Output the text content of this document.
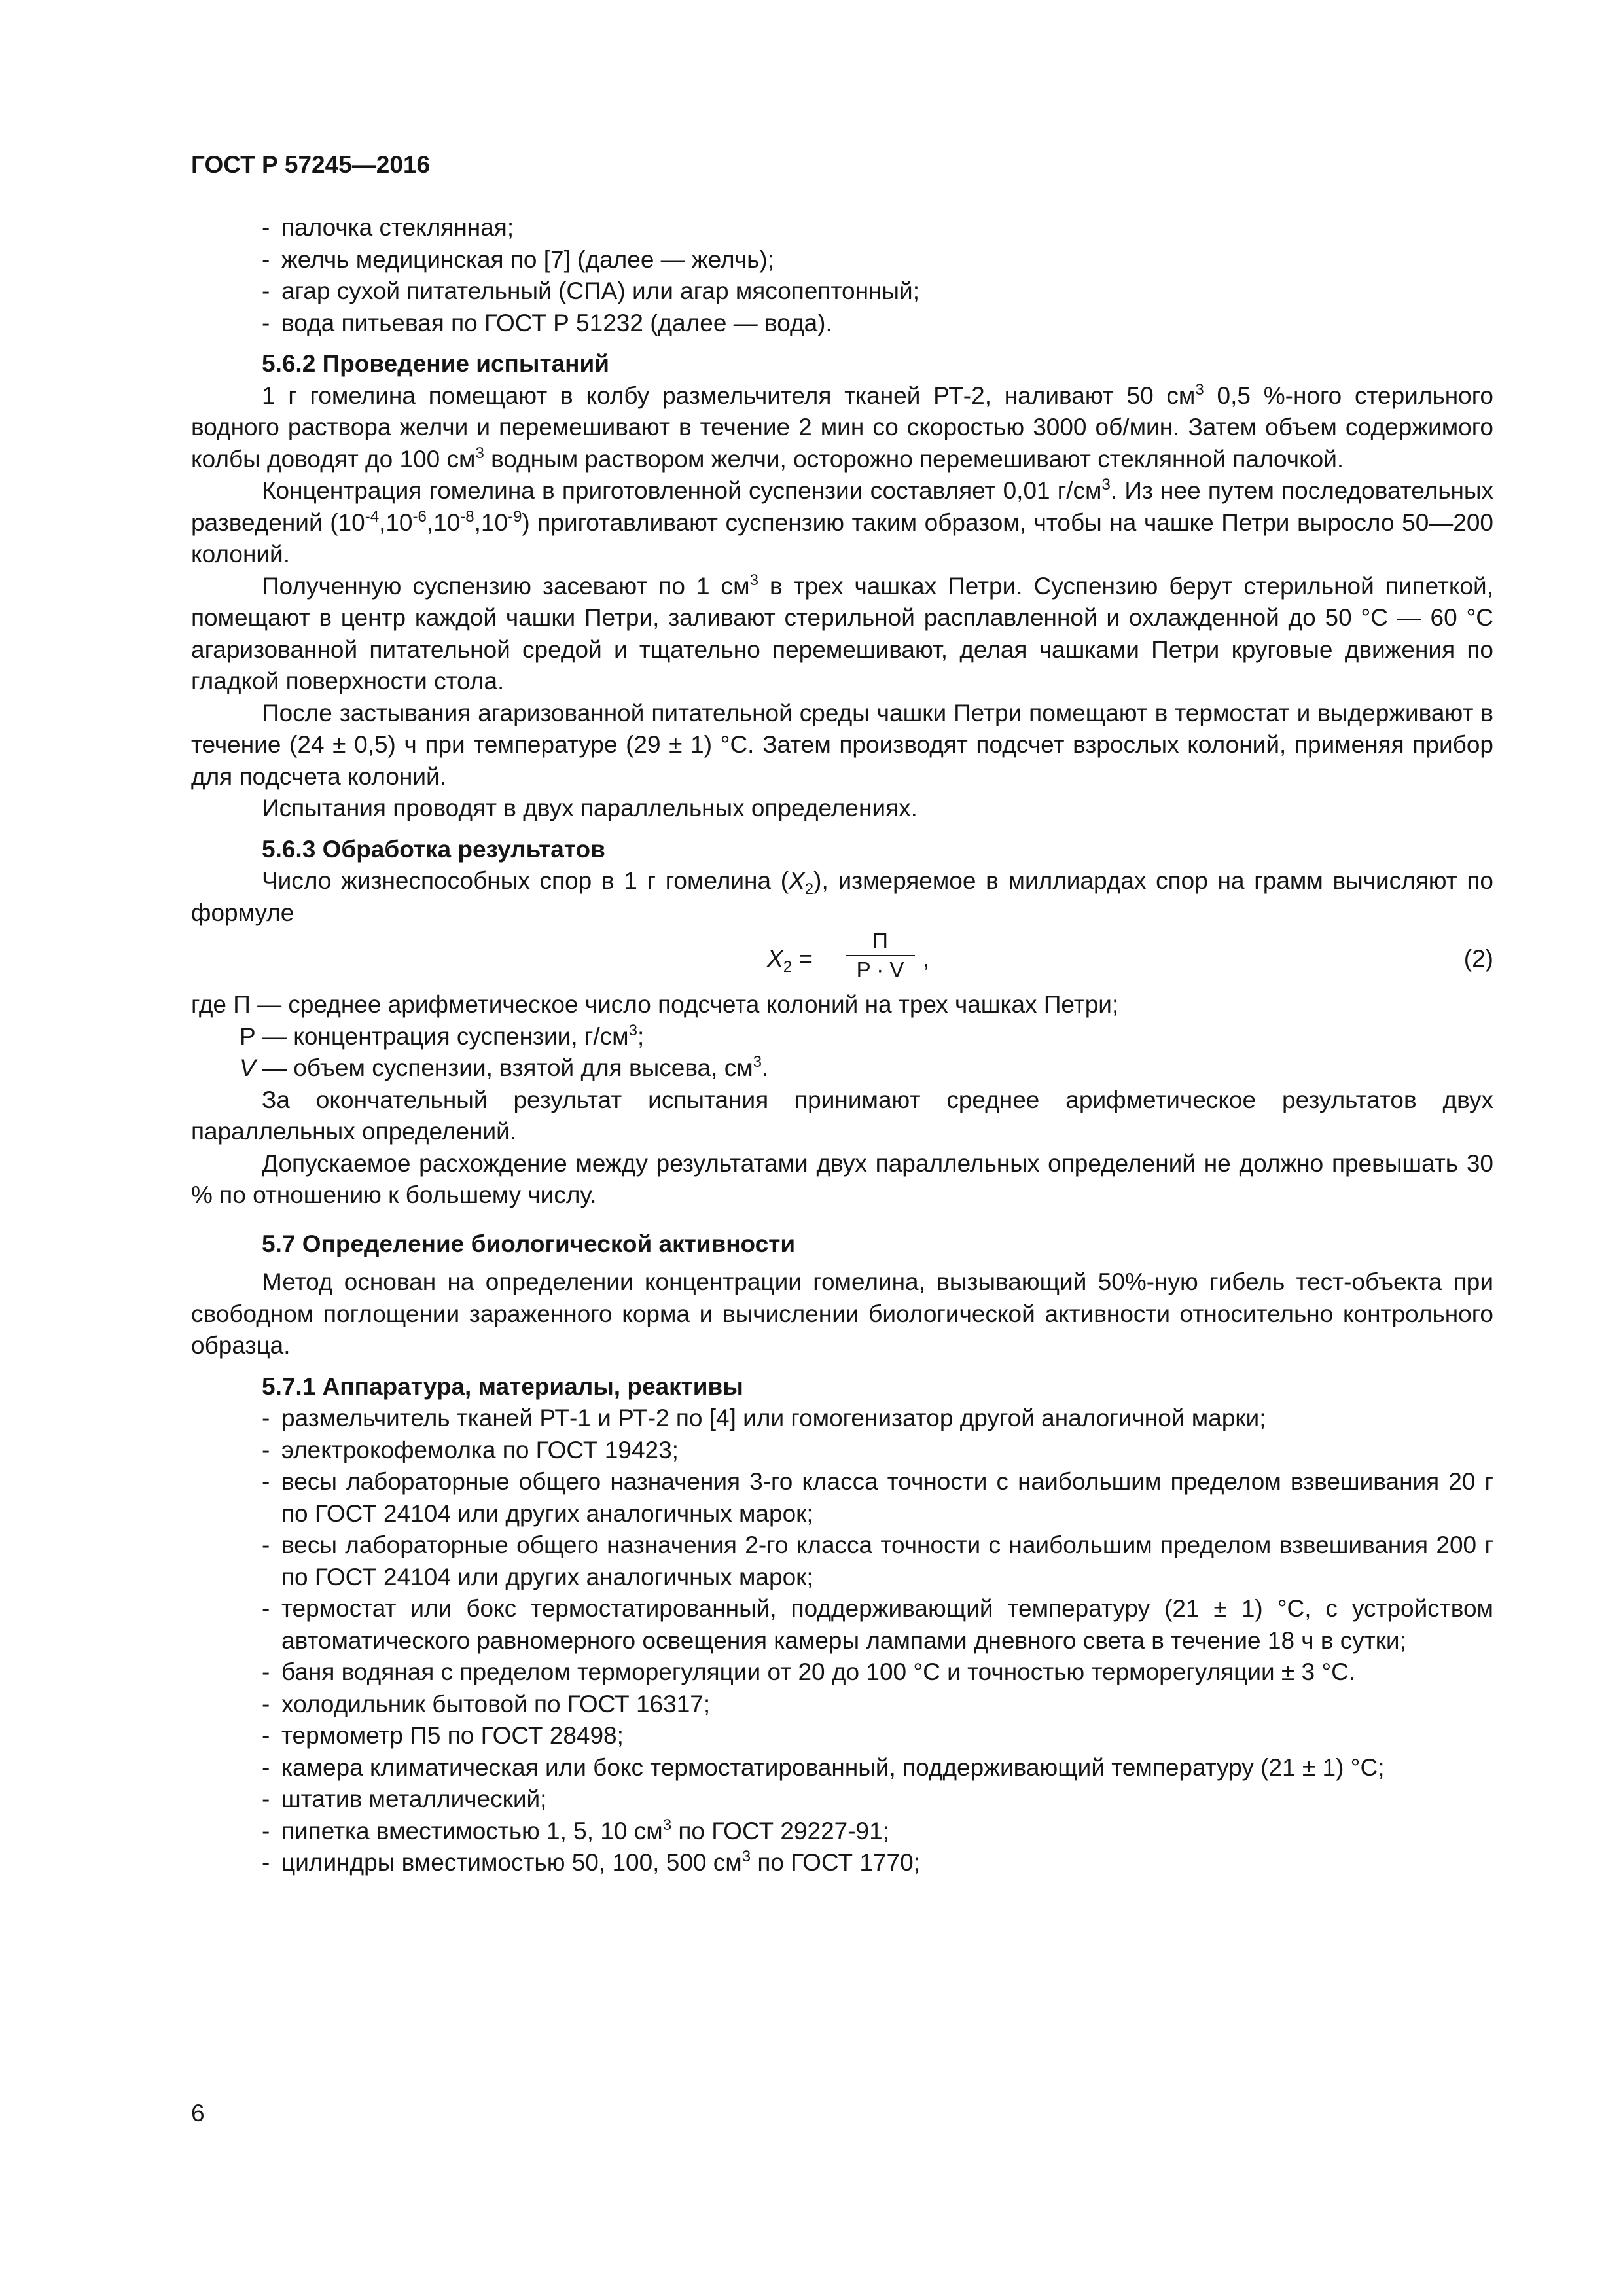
ГОСТ Р 57245—2016
- палочка стеклянная;
- желчь медицинская по [7] (далее — желчь);
- агар сухой питательный (СПА) или агар мясопептонный;
- вода питьевая по ГОСТ Р 51232 (далее — вода).
5.6.2 Проведение испытаний

1 г гомелина помещают в колбу размельчителя тканей РТ-2, наливают 50 $см^3$ 0,5 %-ного стерильного водного раствора желчи и перемешивают в течение 2 мин со скоростью 3000 об/мин. Затем объем содержимого колбы доводят до 100 $см^3$ водным раствором желчи, осторожно перемешивают стеклянной палочкой.

Концентрация гомелина в приготовленной суспензии составляет 0,01 $г/см^3$. Из нее путем последовательных разведений $(10^{-4},10^{-6},10^{-8},10^{-9})$ приготавливают суспензию таким образом, чтобы на чашке Петри выросло 50—200 колоний.

Полученную суспензию засевают по 1 $см^3$ в трех чашках Петри. Суспензию берут стерильной пипеткой, помещают в центр каждой чашки Петри, заливают стерильной расплавленной и охлажденной до 50 °С — 60 °С агаризованной питательной средой и тщательно перемешивают, делая чашками Петри круговые движения по гладкой поверхности стола.

После застывания агаризованной питательной среды чашки Петри помещают в термостат и выдерживают в течение (24 ± 0,5) ч при температуре (29 ± 1) °С. Затем производят подсчет взрослых колоний, применяя прибор для подсчета колоний.

Испытания проводят в двух параллельных определениях.

5.6.3 Обработка результатов

Число жизнеспособных спор в 1 г гомелина $(X_2)$, измеряемое в миллиардах спор на грамм вычисляют по формуле

$X_2$ =
П
P · V ,	(2)

где П — среднее арифметическое число подсчета колоний на трех чашках Петри;

Р — концентрация суспензии, $г/см^3$;

V — объем суспензии, взятой для высева, $см^3$.

За окончательный результат испытания принимают среднее арифметическое результатов двух параллельных определений.

Допускаемое расхождение между результатами двух параллельных определений не должно превышать 30 % по отношению к большему числу.

5.7 Определение биологической активности

Метод основан на определении концентрации гомелина, вызывающий 50%-ную гибель тест-объекта при свободном поглощении зараженного корма и вычислении биологической активности относительно контрольного образца.

5.7.1 Аппаратура, материалы, реактивы
- размельчитель тканей РТ-1 и РТ-2 по [4] или гомогенизатор другой аналогичной марки;
- электрокофемолка по ГОСТ 19423;
- весы лабораторные общего назначения 3-го класса точности с наибольшим пределом взвешивания 20 г по ГОСТ 24104 или других аналогичных марок;
- весы лабораторные общего назначения 2-го класса точности с наибольшим пределом взвешивания 200 г по ГОСТ 24104 или других аналогичных марок;
- термостат или бокс термостатированный, поддерживающий температуру (21 ± 1) °С, с устройством автоматического равномерного освещения камеры лампами дневного света в течение 18 ч в сутки;
- баня водяная с пределом терморегуляции от 20 до 100 °С и точностью терморегуляции ± 3 °С.
- холодильник бытовой по ГОСТ 16317;
- термометр П5 по ГОСТ 28498;
- камера климатическая или бокс термостатированный, поддерживающий температуру (21 ± 1) °С;
- штатив металлический;
- пипетка вместимостью 1, 5, 10 $см^3$ по ГОСТ 29227-91;
- цилиндры вместимостью 50, 100, 500 $см^3$ по ГОСТ 1770;
6
